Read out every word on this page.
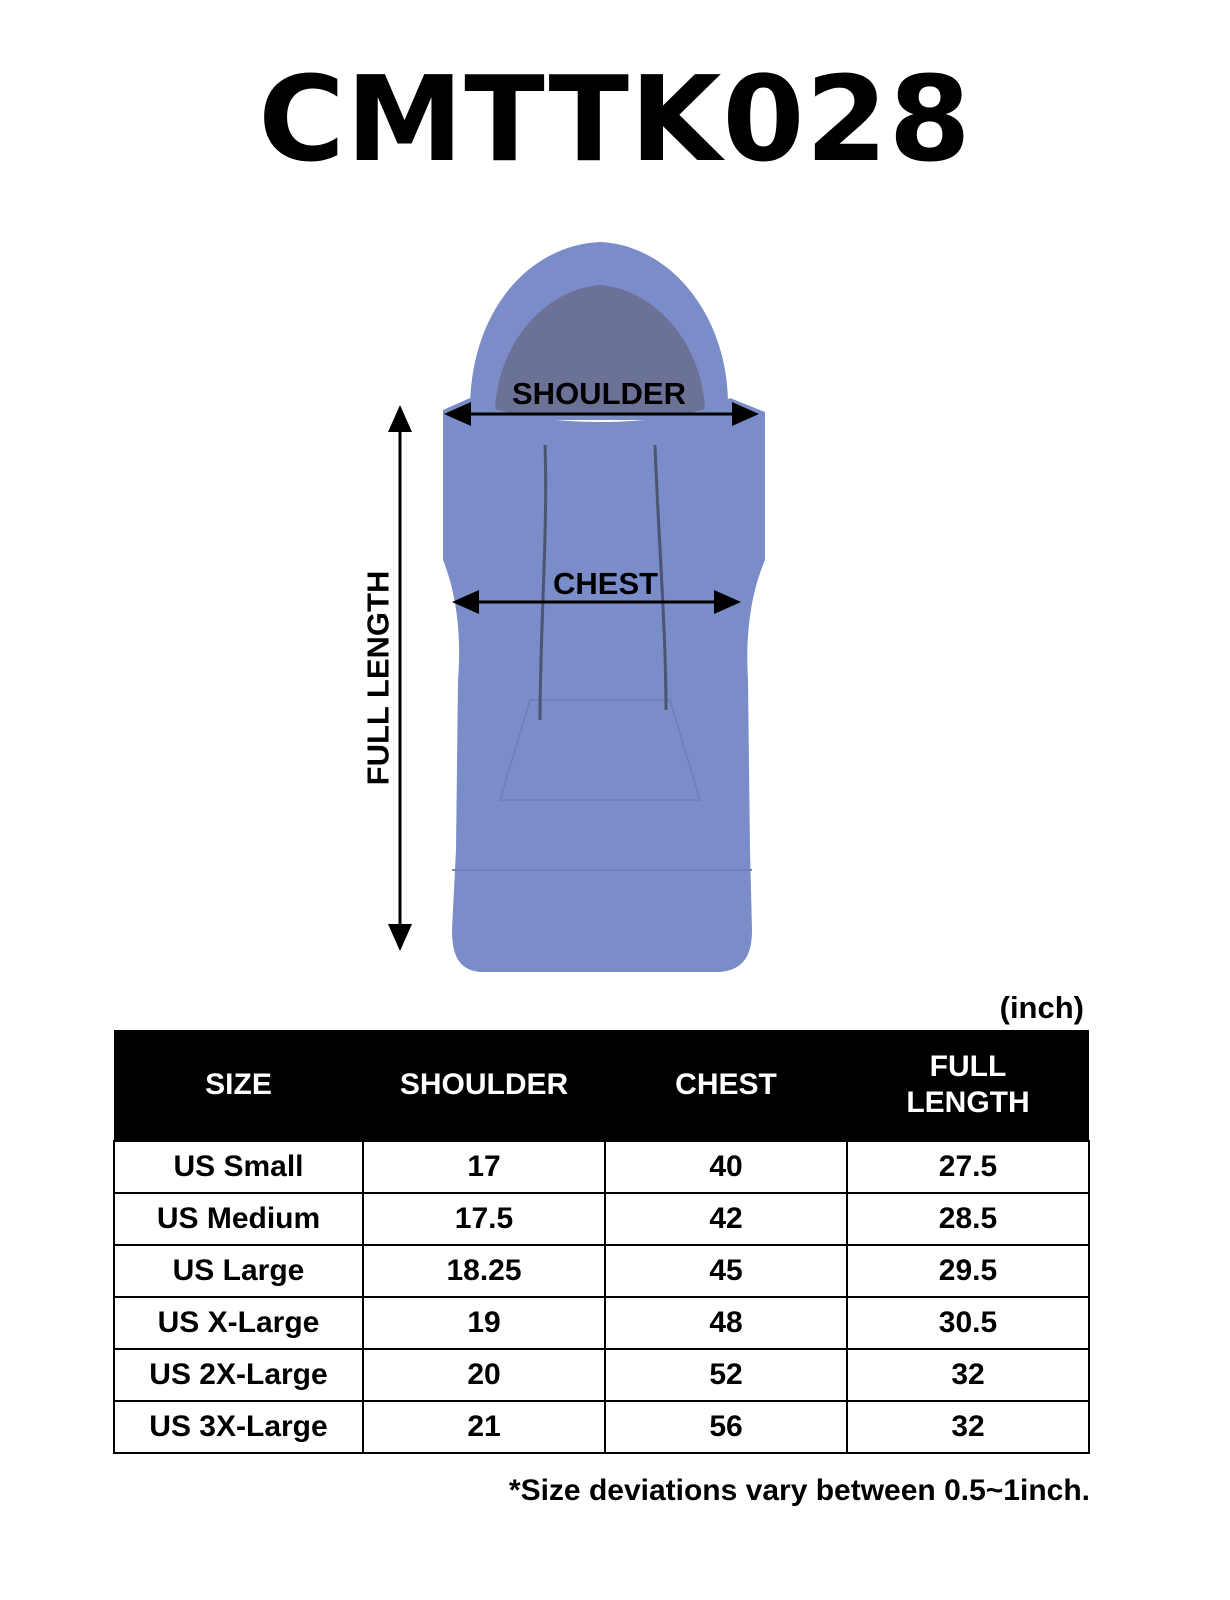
CMTTK028
SHOULDER
CHEST
FULL LENGTH
(inch)
SIZE	SHOULDER	CHEST	FULL LENGTH
US Small	17	40	27.5
US Medium	17.5	42	28.5
US Large	18.25	45	29.5
US X-Large	19	48	30.5
US 2X-Large	20	52	32
US 3X-Large	21	56	32
*Size deviations vary between 0.5~1inch.
